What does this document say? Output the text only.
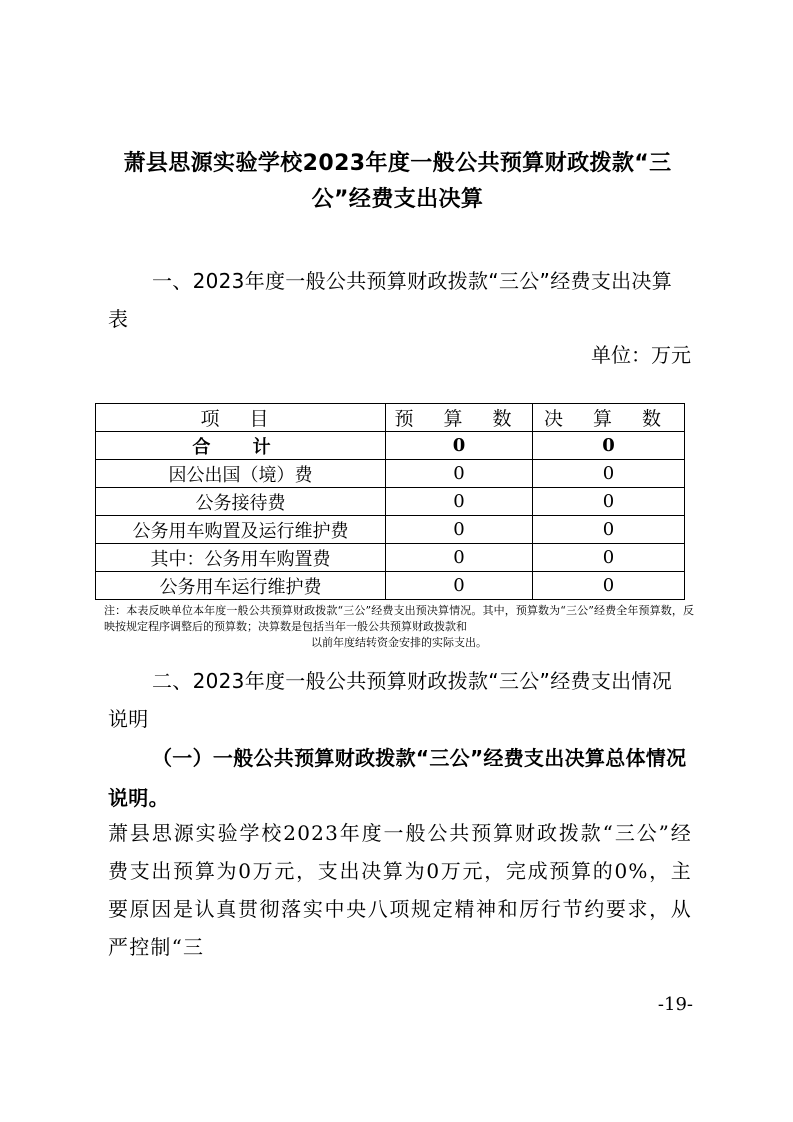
萧县思源实验学校2023年度一般公共预算财政拨款“三公”经费支出决算
一、2023年度一般公共预算财政拨款“三公”经费支出决算表
单位：万元
项 目	预 算 数	决 算 数
合 计	0	0
因公出国（境）费	0	0
公务接待费	0	0
公务用车购置及运行维护费	0	0
其中：公务用车购置费	0	0
公务用车运行维护费	0	0
注：本表反映单位本年度一般公共预算财政拨款“三公”经费支出预决算情况。其中，预算数为“三公”经费全年预算数，反映按规定程序调整后的预算数；决算数是包括当年一般公共预算财政拨款和
以前年度结转资金安排的实际支出。
二、2023年度一般公共预算财政拨款“三公”经费支出情况说明
（一）一般公共预算财政拨款“三公”经费支出决算总体情况说明。
萧县思源实验学校2023年度一般公共预算财政拨款“三公”经费支出预算为0万元，支出决算为0万元，完成预算的0%，主要原因是认真贯彻落实中央八项规定精神和厉行节约要求，从严控制“三
-19-
